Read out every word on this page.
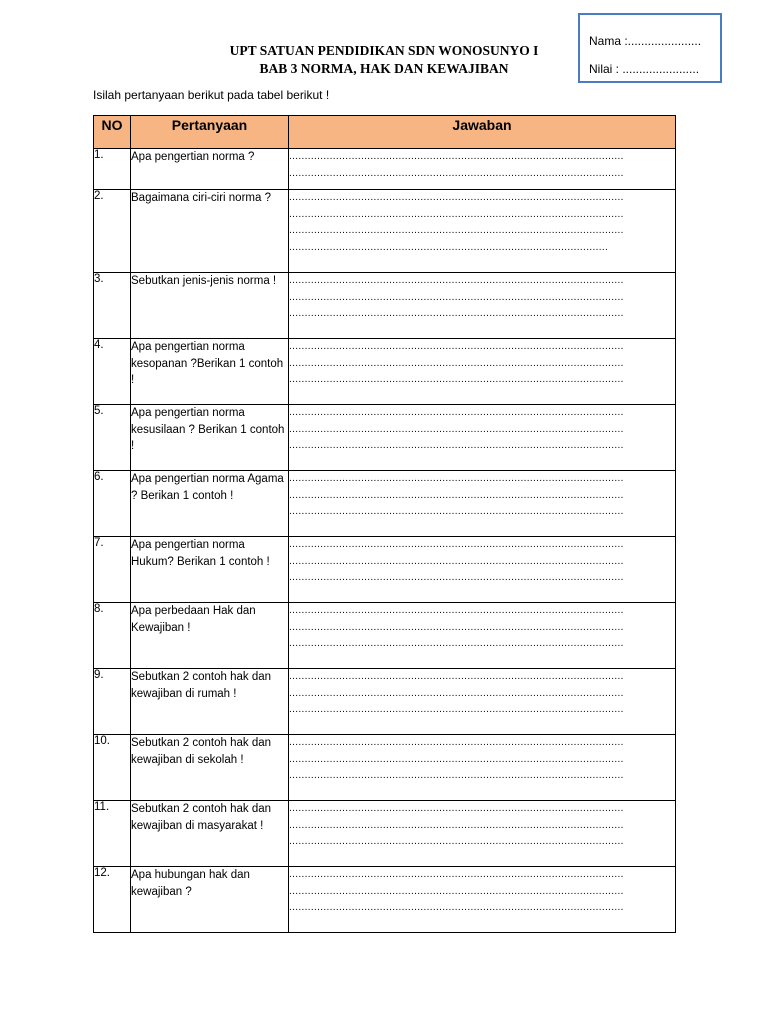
Nama :......................
Nilai : .......................
UPT SATUAN PENDIDIKAN SDN WONOSUNYO I
BAB 3 NORMA, HAK DAN KEWAJIBAN
Isilah pertanyaan berikut pada tabel berikut !
NO	Pertanyaan	Jawaban
1.	Apa pengertian norma ?	...........................................................................................................
...........................................................................................................

2.	Bagaimana ciri-ciri norma ?	...........................................................................................................
...........................................................................................................
...........................................................................................................
......................................................................................................

3.	Sebutkan jenis-jenis norma !	...........................................................................................................
...........................................................................................................
...........................................................................................................

4.	Apa pengertian norma kesopanan ?Berikan 1 contoh !	...........................................................................................................
...........................................................................................................
...........................................................................................................

5.	Apa pengertian norma kesusilaan ? Berikan 1 contoh !	...........................................................................................................
...........................................................................................................
...........................................................................................................

6.	Apa pengertian norma Agama ? Berikan 1 contoh !	...........................................................................................................
...........................................................................................................
...........................................................................................................

7.	Apa pengertian norma Hukum? Berikan 1 contoh !	...........................................................................................................
...........................................................................................................
...........................................................................................................

8.	Apa perbedaan Hak dan Kewajiban !	...........................................................................................................
...........................................................................................................
...........................................................................................................

9.	Sebutkan 2 contoh hak dan kewajiban di rumah !	...........................................................................................................
...........................................................................................................
...........................................................................................................

10.	Sebutkan 2 contoh hak dan kewajiban di sekolah !	...........................................................................................................
...........................................................................................................
...........................................................................................................

11.	Sebutkan 2 contoh hak dan kewajiban di masyarakat !	...........................................................................................................
...........................................................................................................
...........................................................................................................

12.	Apa hubungan hak dan kewajiban ?	...........................................................................................................
...........................................................................................................
...........................................................................................................
